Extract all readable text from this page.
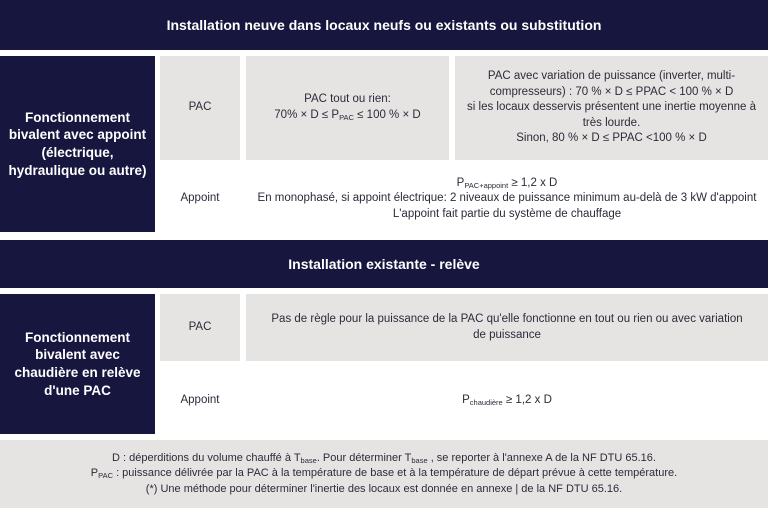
Installation neuve dans locaux neufs ou existants ou substitution
Fonctionnement bivalent avec appoint (électrique, hydraulique ou autre)
PAC

PAC tout ou rien:

$70\% \times D \le P_{PAC} \le 100$ % × D

PAC avec variation de puissance (inverter, multi-compresseurs) : 70 % × D ≤ PPAC < 100 % × D

si les locaux desservis présentent une inertie moyenne à très lourde.

Sinon, 80 % × D ≤ PPAC <100 % × D

Appoint

$P_{PAC+appoint} \ge 1,2$ x D

En monophasé, si appoint électrique: 2 niveaux de puissance minimum au-delà de 3 kW d'appoint L'appoint fait partie du système de chauffage

Installation existante - relève
Fonctionnement bivalent avec chaudière en relève d'une PAC
PAC
Pas de règle pour la puissance de la PAC qu'elle fonctionne en tout ou rien ou avec variation de puissance
Appoint	$P_{chaudière} \ge 1,2$ x D

D : déperditions du volume chauffé à $T_{base}$. Pour déterminer $T_{base}$ , se reporter à l'annexe A de la NF DTU 65.16.

$P_{PAC}$ : puissance délivrée par la PAC à la température de base et à la température de départ prévue à cette température.

(*) Une méthode pour déterminer l'inertie des locaux est donnée en annexe | de la NF DTU 65.16.
